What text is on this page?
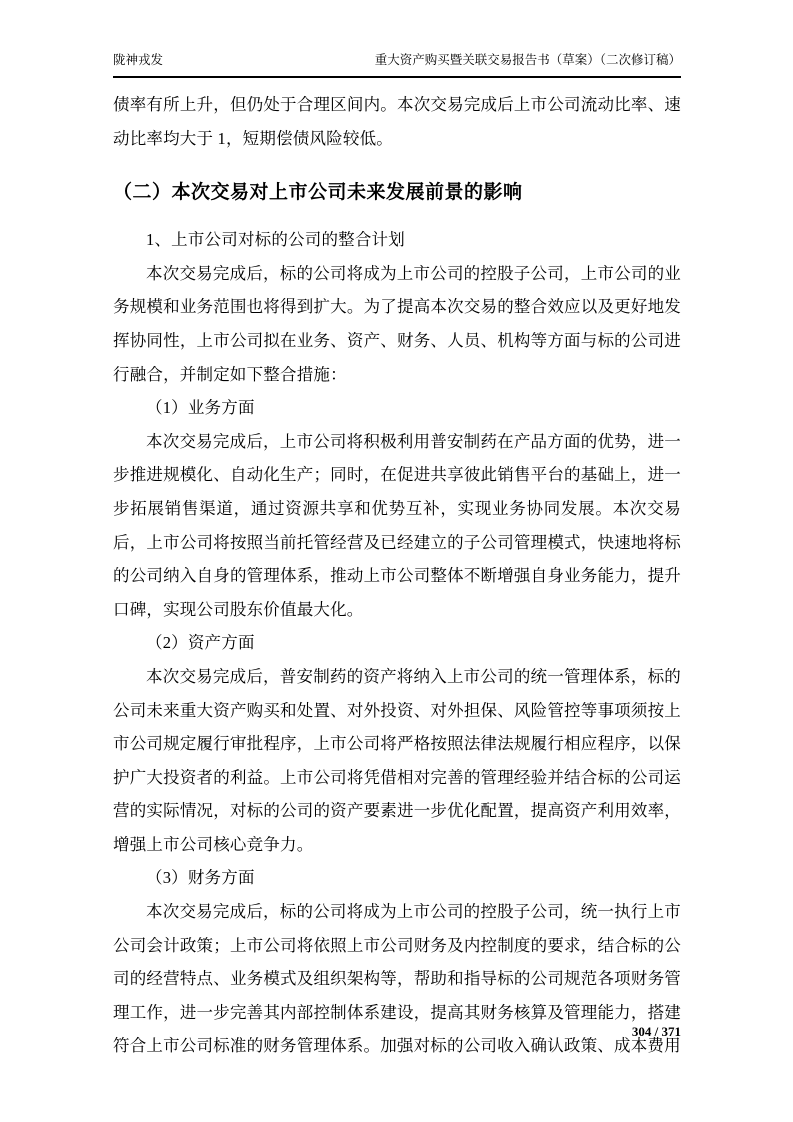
陇神戎发	重大资产购买暨关联交易报告书（草案）（二次修订稿）

债率有所上升，但仍处于合理区间内。本次交易完成后上市公司流动比率、速动比率均大于 1，短期偿债风险较低。

（二）本次交易对上市公司未来发展前景的影响

1、上市公司对标的公司的整合计划

本次交易完成后，标的公司将成为上市公司的控股子公司，上市公司的业务规模和业务范围也将得到扩大。为了提高本次交易的整合效应以及更好地发挥协同性，上市公司拟在业务、资产、财务、人员、机构等方面与标的公司进行融合，并制定如下整合措施：

（1）业务方面

本次交易完成后，上市公司将积极利用普安制药在产品方面的优势，进一步推进规模化、自动化生产；同时，在促进共享彼此销售平台的基础上，进一步拓展销售渠道，通过资源共享和优势互补，实现业务协同发展。本次交易后，上市公司将按照当前托管经营及已经建立的子公司管理模式，快速地将标的公司纳入自身的管理体系，推动上市公司整体不断增强自身业务能力，提升口碑，实现公司股东价值最大化。

（2）资产方面

本次交易完成后，普安制药的资产将纳入上市公司的统一管理体系，标的公司未来重大资产购买和处置、对外投资、对外担保、风险管控等事项须按上市公司规定履行审批程序，上市公司将严格按照法律法规履行相应程序，以保护广大投资者的利益。上市公司将凭借相对完善的管理经验并结合标的公司运营的实际情况，对标的公司的资产要素进一步优化配置，提高资产利用效率，增强上市公司核心竞争力。

（3）财务方面

本次交易完成后，标的公司将成为上市公司的控股子公司，统一执行上市公司会计政策；上市公司将依照上市公司财务及内控制度的要求，结合标的公司的经营特点、业务模式及组织架构等，帮助和指导标的公司规范各项财务管理工作，进一步完善其内部控制体系建设，提高其财务核算及管理能力，搭建符合上市公司标准的财务管理体系。加强对标的公司收入确认政策、成本费用

304 / 371
